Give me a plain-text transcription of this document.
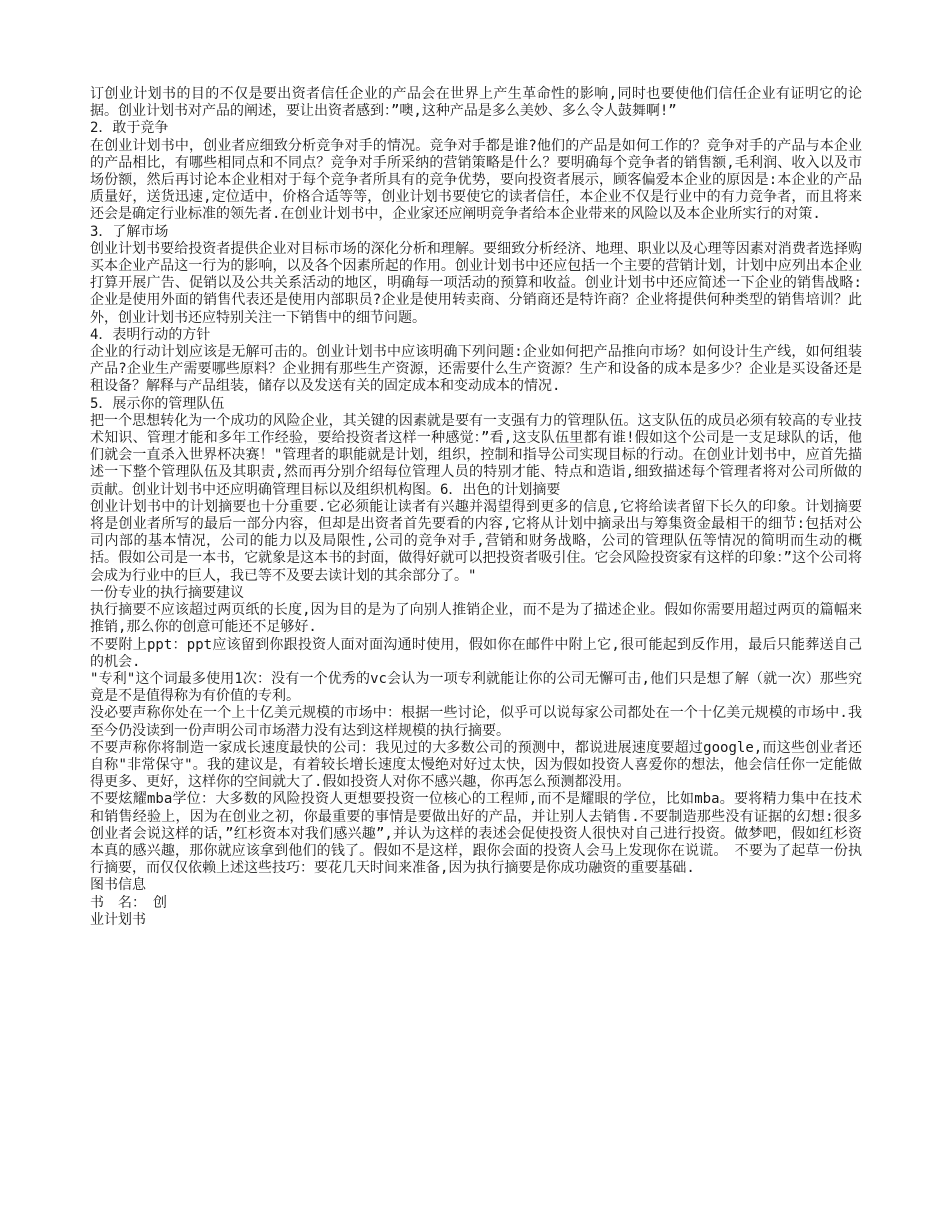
订创业计划书的目的不仅是要出资者信任企业的产品会在世界上产生革命性的影响,同时也要使他们信任企业有证明它的论据。创业计划书对产品的阐述，要让出资者感到：”噢,这种产品是多么美妙、多么令人鼓舞啊!”

2．敢于竞争

在创业计划书中，创业者应细致分析竞争对手的情况。竞争对手都是谁?他们的产品是如何工作的？竞争对手的产品与本企业的产品相比，有哪些相同点和不同点？竞争对手所采纳的营销策略是什么？要明确每个竞争者的销售额,毛利润、收入以及市场份额，然后再讨论本企业相对于每个竞争者所具有的竞争优势，要向投资者展示，顾客偏爱本企业的原因是:本企业的产品质量好，送货迅速,定位适中，价格合适等等，创业计划书要使它的读者信任，本企业不仅是行业中的有力竞争者，而且将来还会是确定行业标准的领先者.在创业计划书中，企业家还应阐明竞争者给本企业带来的风险以及本企业所实行的对策.

3．了解市场

创业计划书要给投资者提供企业对目标市场的深化分析和理解。要细致分析经济、地理、职业以及心理等因素对消费者选择购买本企业产品这一行为的影响，以及各个因素所起的作用。创业计划书中还应包括一个主要的营销计划，计划中应列出本企业打算开展广告、促销以及公共关系活动的地区，明确每一项活动的预算和收益。创业计划书中还应简述一下企业的销售战略:企业是使用外面的销售代表还是使用内部职员?企业是使用转卖商、分销商还是特许商？企业将提供何种类型的销售培训？此外，创业计划书还应特别关注一下销售中的细节问题。

4．表明行动的方针

企业的行动计划应该是无解可击的。创业计划书中应该明确下列问题:企业如何把产品推向市场？如何设计生产线，如何组装产品?企业生产需要哪些原料？企业拥有那些生产资源，还需要什么生产资源？生产和设备的成本是多少？企业是买设备还是租设备？解释与产品组装，储存以及发送有关的固定成本和变动成本的情况.

5．展示你的管理队伍

把一个思想转化为一个成功的风险企业，其关键的因素就是要有一支强有力的管理队伍。这支队伍的成员必须有较高的专业技术知识、管理才能和多年工作经验，要给投资者这样一种感觉：”看,这支队伍里都有谁!假如这个公司是一支足球队的话，他们就会一直杀入世界杯决赛！"管理者的职能就是计划，组织，控制和指导公司实现目标的行动。在创业计划书中，应首先描述一下整个管理队伍及其职责,然而再分别介绍每位管理人员的特别才能、特点和造诣,细致描述每个管理者将对公司所做的贡献。创业计划书中还应明确管理目标以及组织机构图。6．出色的计划摘要

创业计划书中的计划摘要也十分重要.它必须能让读者有兴趣并渴望得到更多的信息,它将给读者留下长久的印象。计划摘要将是创业者所写的最后一部分内容，但却是出资者首先要看的内容,它将从计划中摘录出与筹集资金最相干的细节:包括对公司内部的基本情况，公司的能力以及局限性,公司的竞争对手,营销和财务战略，公司的管理队伍等情况的简明而生动的概括。假如公司是一本书，它就象是这本书的封面，做得好就可以把投资者吸引住。它会风险投资家有这样的印象：”这个公司将会成为行业中的巨人，我已等不及要去读计划的其余部分了。"

一份专业的执行摘要建议

执行摘要不应该超过两页纸的长度,因为目的是为了向别人推销企业，而不是为了描述企业。假如你需要用超过两页的篇幅来推销,那么你的创意可能还不足够好.

不要附上ppt：ppt应该留到你跟投资人面对面沟通时使用，假如你在邮件中附上它,很可能起到反作用，最后只能葬送自己的机会.

"专利"这个词最多使用1次：没有一个优秀的vc会认为一项专利就能让你的公司无懈可击,他们只是想了解（就一次）那些究竟是不是值得称为有价值的专利。

没必要声称你处在一个上十亿美元规模的市场中：根据一些讨论，似乎可以说每家公司都处在一个十亿美元规模的市场中.我至今仍没读到一份声明公司市场潜力没有达到这样规模的执行摘要。

不要声称你将制造一家成长速度最快的公司：我见过的大多数公司的预测中，都说进展速度要超过google,而这些创业者还自称"非常保守"。我的建议是，有着较长增长速度太慢绝对好过太快，因为假如投资人喜爱你的想法，他会信任你一定能做得更多、更好，这样你的空间就大了.假如投资人对你不感兴趣，你再怎么预测都没用。

不要炫耀mba学位：大多数的风险投资人更想要投资一位核心的工程师,而不是耀眼的学位，比如mba。要将精力集中在技术和销售经验上，因为在创业之初，你最重要的事情是要做出好的产品，并让别人去销售.不要制造那些没有证据的幻想:很多创业者会说这样的话，”红杉资本对我们感兴趣”,并认为这样的表述会促使投资人很快对自己进行投资。做梦吧，假如红杉资本真的感兴趣，那你就应该拿到他们的钱了。假如不是这样，跟你会面的投资人会马上发现你在说谎。　不要为了起草一份执行摘要，而仅仅依赖上述这些技巧：要花几天时间来准备,因为执行摘要是你成功融资的重要基础.

图书信息

书　名：　创

业计划书
